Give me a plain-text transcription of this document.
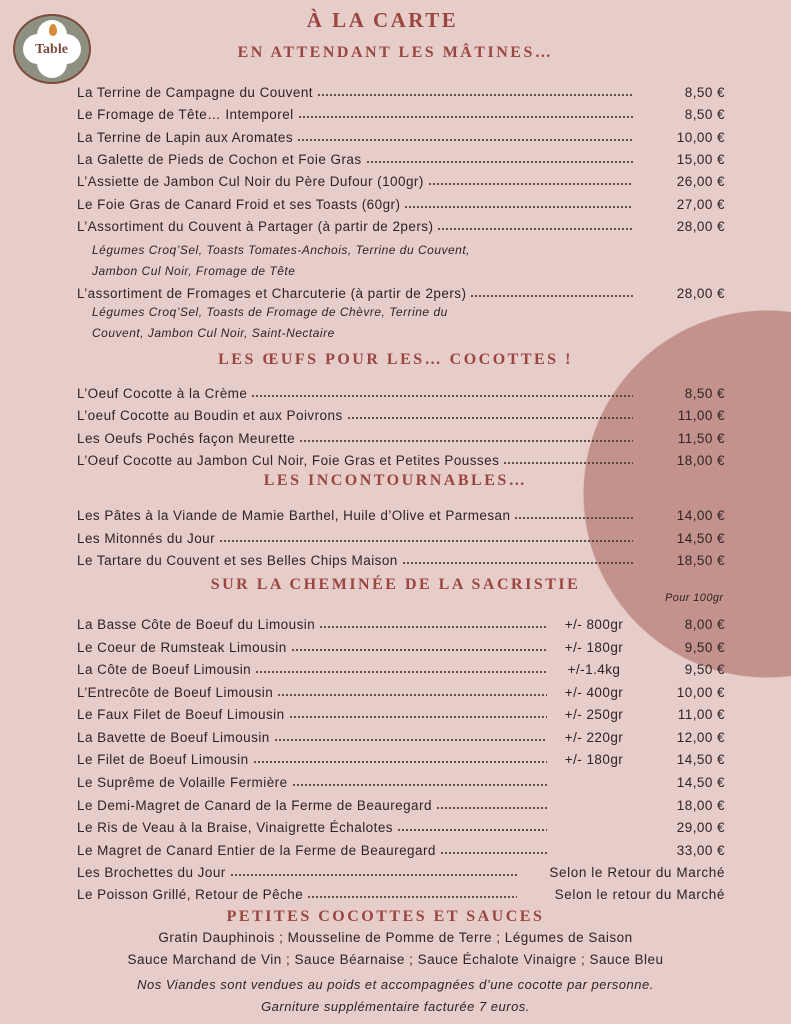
Table
À LA CARTE
EN ATTENDANT LES MÂTINES…
La Terrine de Campagne du Couvent	8,50 €
Le Fromage de Tête… Intemporel	8,50 €
La Terrine de Lapin aux Aromates	10,00 €
La Galette de Pieds de Cochon et Foie Gras	15,00 €
L’Assiette de Jambon Cul Noir du Père Dufour (100gr)	26,00 €
Le Foie Gras de Canard Froid et ses Toasts (60gr)	27,00 €
L’Assortiment du Couvent à Partager (à partir de 2pers)	28,00 €
Légumes Croq’Sel, Toasts Tomates-Anchois, Terrine du Couvent,
Jambon Cul Noir, Fromage de Tête
L’assortiment de Fromages et Charcuterie (à partir de 2pers)	28,00 €
Légumes Croq’Sel, Toasts de Fromage de Chèvre, Terrine du
Couvent, Jambon Cul Noir, Saint-Nectaire
LES ŒUFS POUR LES… COCOTTES !
L’Oeuf Cocotte à la Crème	8,50 €
L’oeuf Cocotte au Boudin et aux Poivrons	11,00 €
Les Oeufs Pochés façon Meurette	11,50 €
L’Oeuf Cocotte au Jambon Cul Noir, Foie Gras et Petites Pousses	18,00 €
LES INCONTOURNABLES…
Les Pâtes à la Viande de Mamie Barthel, Huile d’Olive et Parmesan	14,00 €
Les Mitonnés du Jour	14,50 €
Le Tartare du Couvent et ses Belles Chips Maison	18,50 €
SUR LA CHEMINÉE DE LA SACRISTIE
Pour 100gr
La Basse Côte de Boeuf du Limousin	+/- 800gr	8,00 €
Le Coeur de Rumsteak Limousin	+/- 180gr	9,50 €
La Côte de Boeuf Limousin	+/-1.4kg	9,50 €
L’Entrecôte de Boeuf Limousin	+/- 400gr	10,00 €
Le Faux Filet de Boeuf Limousin	+/- 250gr	11,00 €
La Bavette de Boeuf Limousin	+/- 220gr	12,00 €
Le Filet de Boeuf Limousin	+/- 180gr	14,50 €
Le Suprême de Volaille Fermière	14,50 €
Le Demi-Magret de Canard de la Ferme de Beauregard	18,00 €
Le Ris de Veau à la Braise, Vinaigrette Échalotes	29,00 €
Le Magret de Canard Entier de la Ferme de Beauregard	33,00 €
Les Brochettes du Jour	Selon le Retour du Marché
Le Poisson Grillé, Retour de Pêche	Selon le retour du Marché
PETITES COCOTTES ET SAUCES
Gratin Dauphinois ; Mousseline de Pomme de Terre ; Légumes de Saison
Sauce Marchand de Vin ; Sauce Béarnaise ; Sauce Échalote Vinaigre ; Sauce Bleu
Nos Viandes sont vendues au poids et accompagnées d’une cocotte par personne.
Garniture supplémentaire facturée 7 euros.
